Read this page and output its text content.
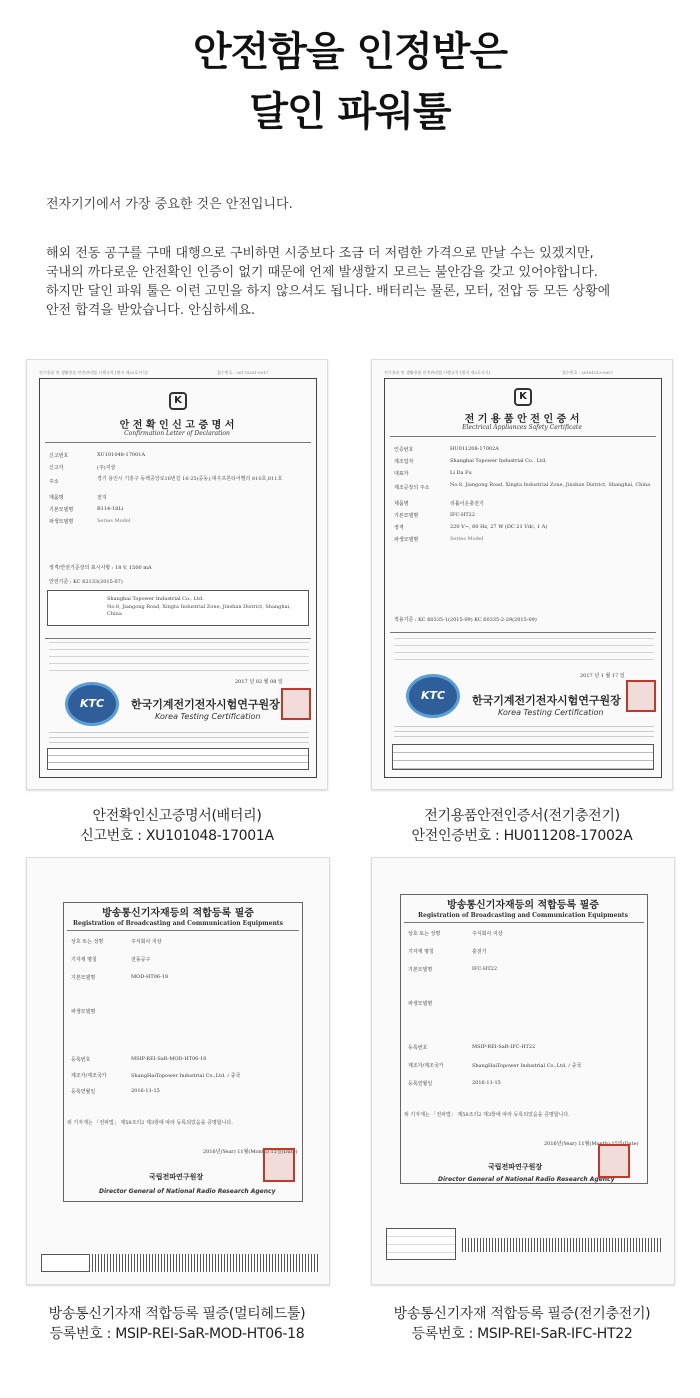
안전함을 인정받은
달인 파워툴
전자기기에서 가장 중요한 것은 안전입니다.
해외 전동 공구를 구매 대행으로 구비하면 시중보다 조금 더 저렴한 가격으로 만날 수는 있겠지만,
국내의 까다로운 안전확인 인증이 없기 때문에 언제 발생할지 모르는 불안감을 갖고 있어야합니다.
하지만 달인 파워 툴은 이런 고민을 하지 않으셔도 됩니다. 배터리는 물론, 모터, 전압 등 모든 상황에
안전 합격을 받았습니다. 안심하세요.
전기용품 및 생활용품 안전관리법 시행규칙 [별지 제52호서식]	접수번호 : 20170201-0017
K
안 전 확 인 신 고 증 명 서
Confirmation Letter of Declaration
신고번호	XU101048-17001A
신고자	(주)지상
주소	경기 용인시 기흥구 동백중앙로16번길 16-25(중동),대우프론티어밸리 810호,811호
제품명	전지
기본모델명	B114-18Li
파생모델명	Series Model
정격/안전기준상의 표시사항 : 18 V, 1500 mA
안전기준 : KC 62133(2015-07)
Shanghai Topower Industrial Co., Ltd.
No.8, Jiangong Road, Xingta Industrial Zone, Jinshan District, Shanghai, China
2017 년 02 월 08 일
KTC	한국기계전기전자시험연구원장
Korea Testing Certification
전기용품 및 생활용품 안전관리법 시행규칙 [별지 제3호서식]	접수번호 : 20161013-0057
K
전 기 용 품 안 전 인 증 서
Electrical Appliances Safety Certificate
인증번호	HU011208-17002A
제조업자	Shanghai Topower Industrial Co., Ltd.
대표자	Li Da Fu
제조공장의 주소	No.8, Jiangong Road, Xingta Industrial Zone, Jinshan District, Shanghai, China
제품명	리튬이온충전기
기본모델명	IFC-HT22
정격	220 V~, 60 Hz, 27 W (DC 21 Vdc, 1 A)
파생모델명	Series Model
적용기준 : KC 60335-1(2015-09) KC 60335-2-29(2015-09)
2017 년 1 월 17 일
KTC	한국기계전기전자시험연구원장
Korea Testing Certification
안전확인신고증명서(배터리)
신고번호 : XU101048-17001A
전기용품안전인증서(전기충전기)
안전인증번호 : HU011208-17002A
방송통신기자재등의 적합등록 필증
Registration of Broadcasting and Communication Equipments
상호 또는 성명	주식회사 지상
기자재 명칭	전동공구
기본모델명	MOD-HT06-18
파생모델명
등록번호	MSIP-REI-SaR-MOD-HT06-18
제조자/제조국가	ShangHaiTopower Industrial Co.,Ltd. / 중국
등록연월일	2016-11-15
위 기자재는 「전파법」 제58조의2 제3항에 따라 등록되었음을 증명합니다.
2016년(Year) 11월(Month) 15일(Date)
국립전파연구원장
Director General of National Radio Research Agency
방송통신기자재등의 적합등록 필증
Registration of Broadcasting and Communication Equipments
상호 또는 성명	주식회사 지상
기자재 명칭	충전기
기본모델명	IFC-HT22
파생모델명
등록번호	MSIP-REI-SaR-IFC-HT22
제조자/제조국가	ShangHaiTopower Industrial Co.,Ltd. / 중국
등록연월일	2016-11-15
위 기자재는 「전파법」 제58조의2 제3항에 따라 등록되었음을 증명합니다.
2016년(Year) 11월(Month) 15일(Date)
국립전파연구원장
Director General of National Radio Research Agency
방송통신기자재 적합등록 필증(멀티헤드툴)
등록번호 : MSIP-REI-SaR-MOD-HT06-18
방송통신기자재 적합등록 필증(전기충전기)
등록번호 : MSIP-REI-SaR-IFC-HT22
